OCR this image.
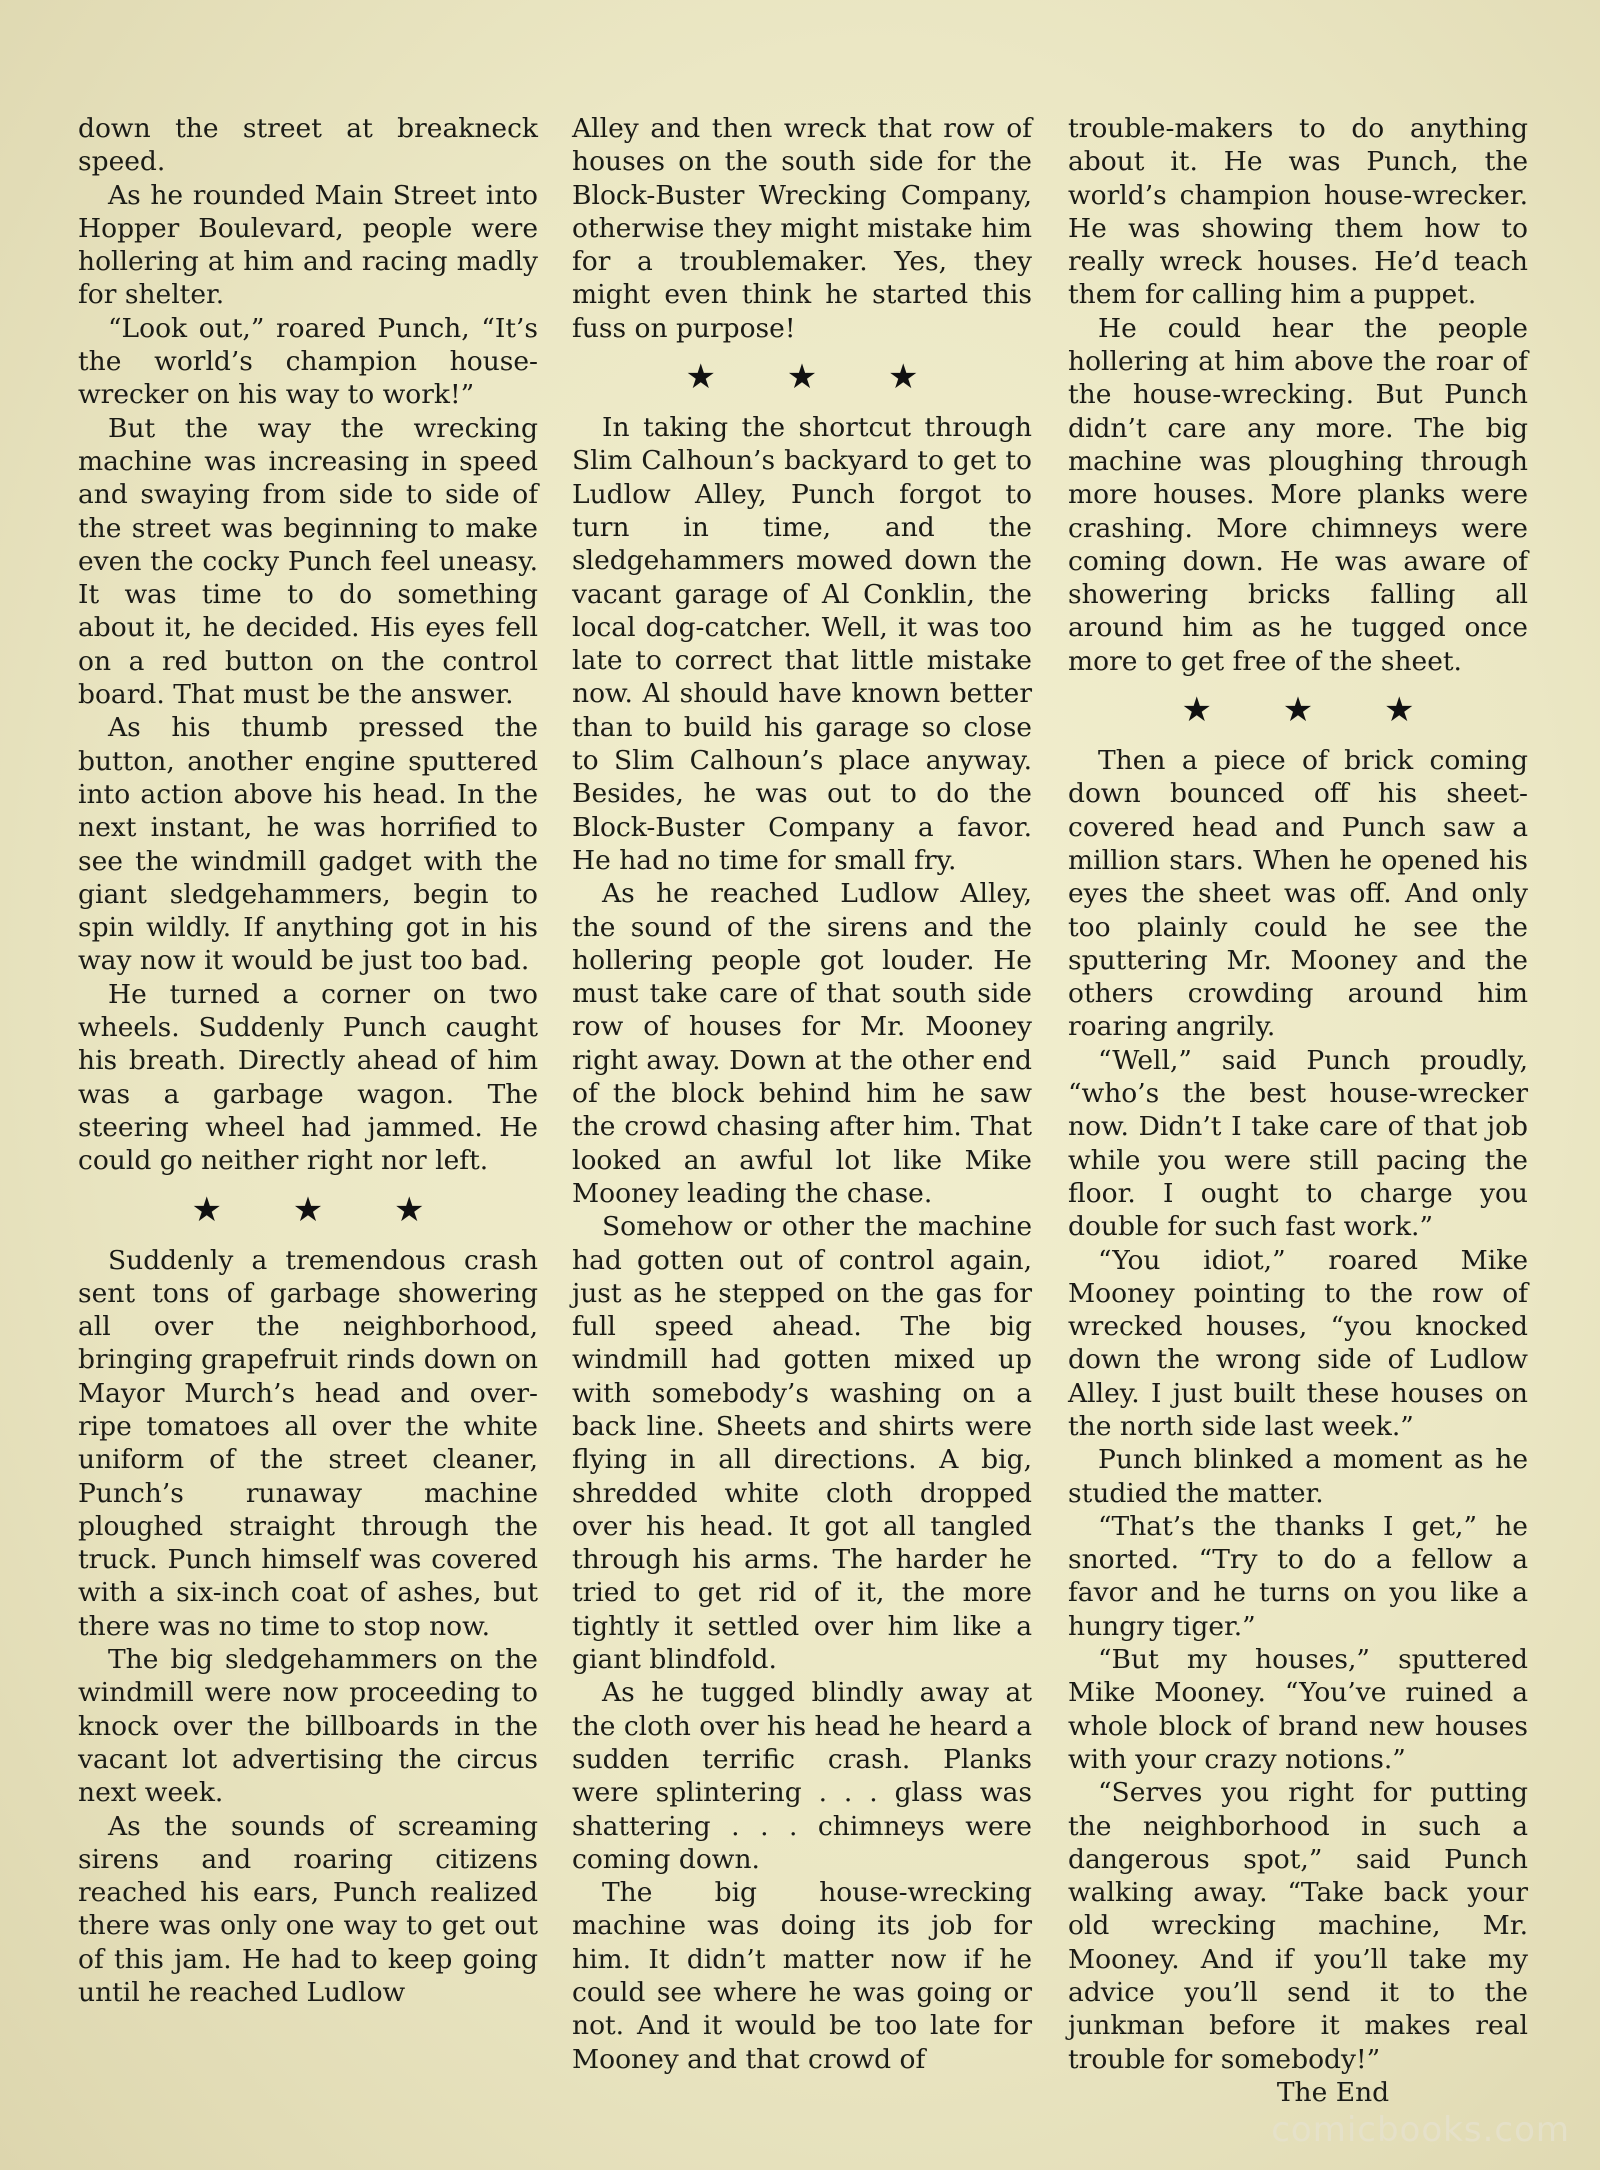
down the street at breakneck speed.

As he rounded Main Street into Hopper Boulevard, people were hollering at him and racing madly for shelter.

“Look out,” roared Punch, “It’s the world’s champion house-wrecker on his way to work!”

But the way the wrecking machine was increasing in speed and swaying from side to side of the street was beginning to make even the cocky Punch feel uneasy. It was time to do something about it, he decided. His eyes fell on a red button on the control board. That must be the answer.

As his thumb pressed the button, another engine sputtered into action above his head. In the next instant, he was horrified to see the windmill gadget with the giant sledgehammers, begin to spin wildly. If anything got in his way now it would be just too bad.

He turned a corner on two wheels. Suddenly Punch caught his breath. Directly ahead of him was a garbage wagon. The steering wheel had jammed. He could go neither right nor left.

★ ★ ★

Suddenly a tremendous crash sent tons of garbage showering all over the neighborhood, bringing grapefruit rinds down on Mayor Murch’s head and over-ripe tomatoes all over the white uniform of the street cleaner, Punch’s runaway machine ploughed straight through the truck. Punch himself was covered with a six-inch coat of ashes, but there was no time to stop now.

The big sledgehammers on the windmill were now proceeding to knock over the billboards in the vacant lot advertising the circus next week.

As the sounds of screaming sirens and roaring citizens reached his ears, Punch realized there was only one way to get out of this jam. He had to keep going until he reached Ludlow

Alley and then wreck that row of houses on the south side for the Block-Buster Wrecking Company, otherwise they might mistake him for a troublemaker. Yes, they might even think he started this fuss on purpose!

★ ★ ★

In taking the shortcut through Slim Calhoun’s backyard to get to Ludlow Alley, Punch forgot to turn in time, and the sledgehammers mowed down the vacant garage of Al Conklin, the local dog-catcher. Well, it was too late to correct that little mistake now. Al should have known better than to build his garage so close to Slim Calhoun’s place anyway. Besides, he was out to do the Block-Buster Company a favor. He had no time for small fry.

As he reached Ludlow Alley, the sound of the sirens and the hollering people got louder. He must take care of that south side row of houses for Mr. Mooney right away. Down at the other end of the block behind him he saw the crowd chasing after him. That looked an awful lot like Mike Mooney leading the chase.

Somehow or other the machine had gotten out of control again, just as he stepped on the gas for full speed ahead. The big windmill had gotten mixed up with somebody’s washing on a back line. Sheets and shirts were flying in all directions. A big, shredded white cloth dropped over his head. It got all tangled through his arms. The harder he tried to get rid of it, the more tightly it settled over him like a giant blindfold.

As he tugged blindly away at the cloth over his head he heard a sudden terrific crash. Planks were splintering . . . glass was shattering . . . chimneys were coming down.

The big house-wrecking machine was doing its job for him. It didn’t matter now if he could see where he was going or not. And it would be too late for Mooney and that crowd of

trouble-makers to do anything about it. He was Punch, the world’s champion house-wrecker. He was showing them how to really wreck houses. He’d teach them for calling him a puppet.

He could hear the people hollering at him above the roar of the house-wrecking. But Punch didn’t care any more. The big machine was ploughing through more houses. More planks were crashing. More chimneys were coming down. He was aware of showering bricks falling all around him as he tugged once more to get free of the sheet.

★ ★ ★

Then a piece of brick coming down bounced off his sheet-covered head and Punch saw a million stars. When he opened his eyes the sheet was off. And only too plainly could he see the sputtering Mr. Mooney and the others crowding around him roaring angrily.

“Well,” said Punch proudly, “who’s the best house-wrecker now. Didn’t I take care of that job while you were still pacing the floor. I ought to charge you double for such fast work.”

“You idiot,” roared Mike Mooney pointing to the row of wrecked houses, “you knocked down the wrong side of Ludlow Alley. I just built these houses on the north side last week.”

Punch blinked a moment as he studied the matter.

“That’s the thanks I get,” he snorted. “Try to do a fellow a favor and he turns on you like a hungry tiger.”

“But my houses,” sputtered Mike Mooney. “You’ve ruined a whole block of brand new houses with your crazy notions.”

“Serves you right for putting the neighborhood in such a dangerous spot,” said Punch walking away. “Take back your old wrecking machine, Mr. Mooney. And if you’ll take my advice you’ll send it to the junkman before it makes real trouble for somebody!”

The End

comicbooks.com
